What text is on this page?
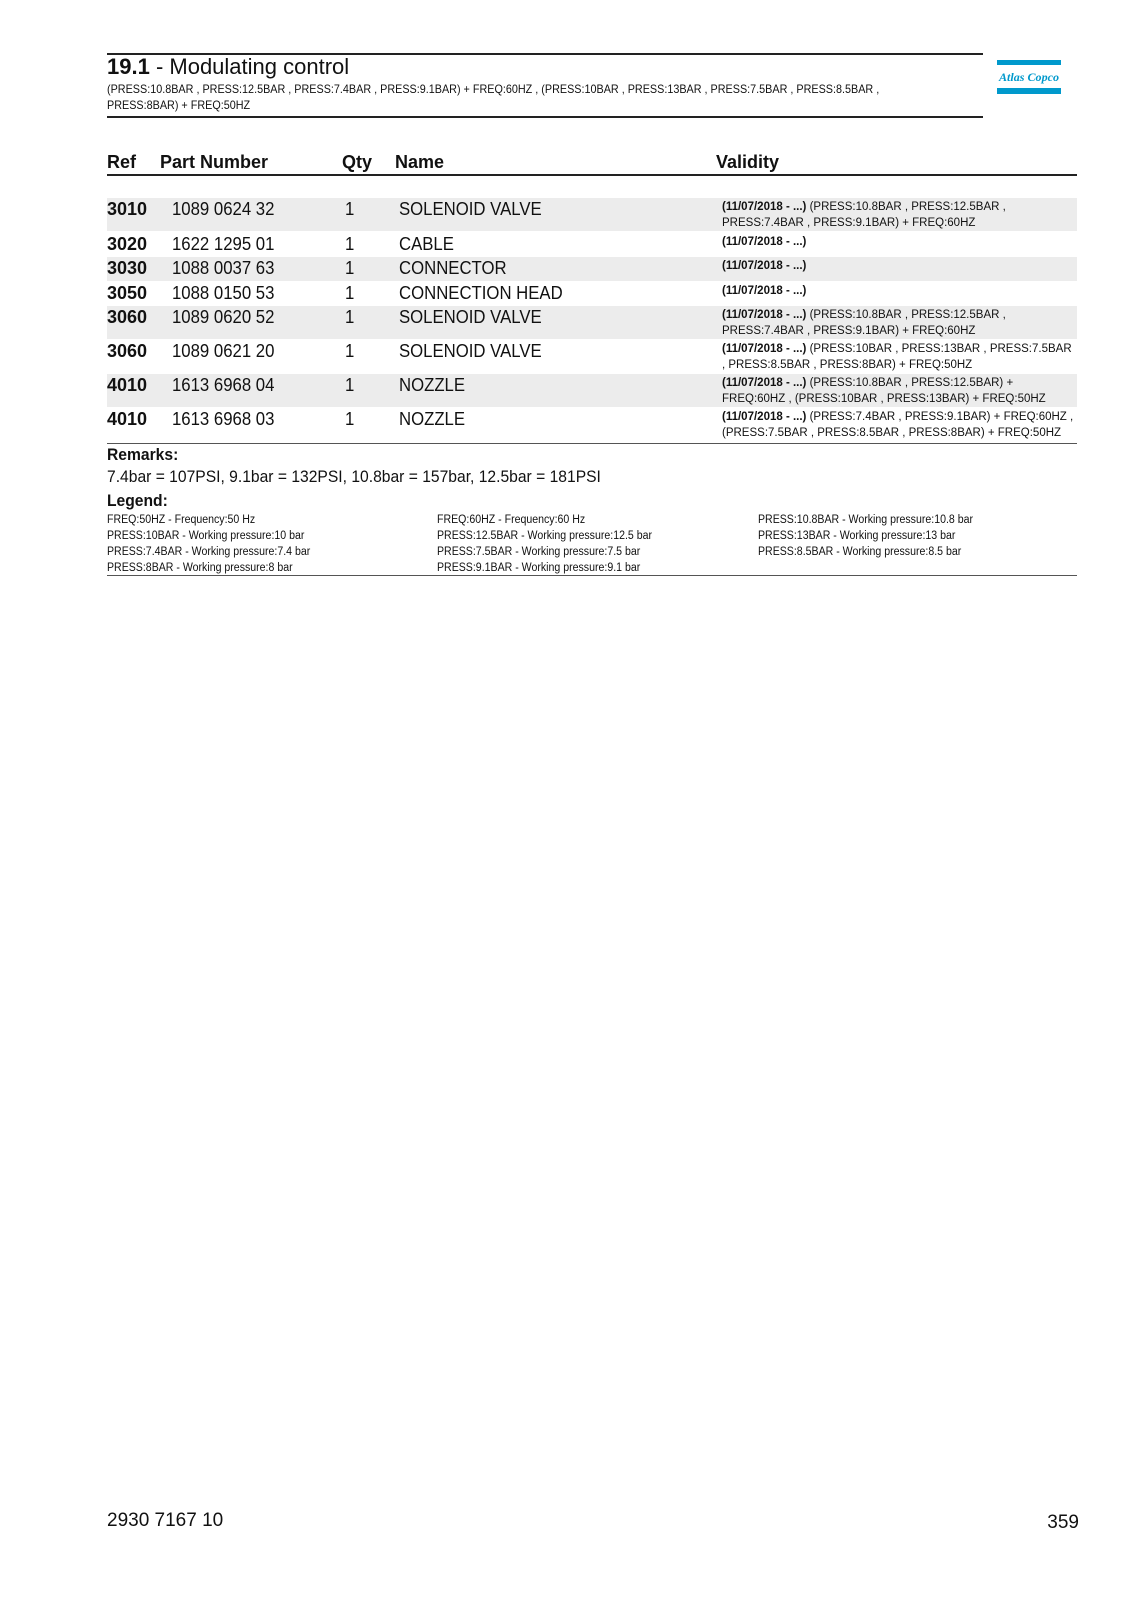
19.1 - Modulating control
(PRESS:10.8BAR , PRESS:12.5BAR , PRESS:7.4BAR , PRESS:9.1BAR) + FREQ:60HZ , (PRESS:10BAR , PRESS:13BAR , PRESS:7.5BAR , PRESS:8.5BAR , PRESS:8BAR) + FREQ:50HZ
Atlas Copco
Ref Part Number	Qty Name	Validity
3010 1089 0624 32	1 SOLENOID VALVE	(11/07/2018 - ...) (PRESS:10.8BAR , PRESS:12.5BAR , PRESS:7.4BAR , PRESS:9.1BAR) + FREQ:60HZ
3020 1622 1295 01	1 CABLE	(11/07/2018 - ...)
3030 1088 0037 63	1 CONNECTOR	(11/07/2018 - ...)
3050 1088 0150 53	1 CONNECTION HEAD	(11/07/2018 - ...)
3060 1089 0620 52	1 SOLENOID VALVE	(11/07/2018 - ...) (PRESS:10.8BAR , PRESS:12.5BAR , PRESS:7.4BAR , PRESS:9.1BAR) + FREQ:60HZ
3060 1089 0621 20	1 SOLENOID VALVE	(11/07/2018 - ...) (PRESS:10BAR , PRESS:13BAR , PRESS:7.5BAR , PRESS:8.5BAR , PRESS:8BAR) + FREQ:50HZ
4010 1613 6968 04	1 NOZZLE	(11/07/2018 - ...) (PRESS:10.8BAR , PRESS:12.5BAR) + FREQ:60HZ , (PRESS:10BAR , PRESS:13BAR) + FREQ:50HZ
4010 1613 6968 03	1 NOZZLE	(11/07/2018 - ...) (PRESS:7.4BAR , PRESS:9.1BAR) + FREQ:60HZ , (PRESS:7.5BAR , PRESS:8.5BAR , PRESS:8BAR) + FREQ:50HZ
Remarks:
7.4bar = 107PSI, 9.1bar = 132PSI, 10.8bar = 157bar, 12.5bar = 181PSI
Legend:
FREQ:50HZ - Frequency:50 Hz
PRESS:10BAR - Working pressure:10 bar
PRESS:7.4BAR - Working pressure:7.4 bar
PRESS:8BAR - Working pressure:8 bar
FREQ:60HZ - Frequency:60 Hz
PRESS:12.5BAR - Working pressure:12.5 bar
PRESS:7.5BAR - Working pressure:7.5 bar
PRESS:9.1BAR - Working pressure:9.1 bar
PRESS:10.8BAR - Working pressure:10.8 bar
PRESS:13BAR - Working pressure:13 bar
PRESS:8.5BAR - Working pressure:8.5 bar
2930 7167 10	359
